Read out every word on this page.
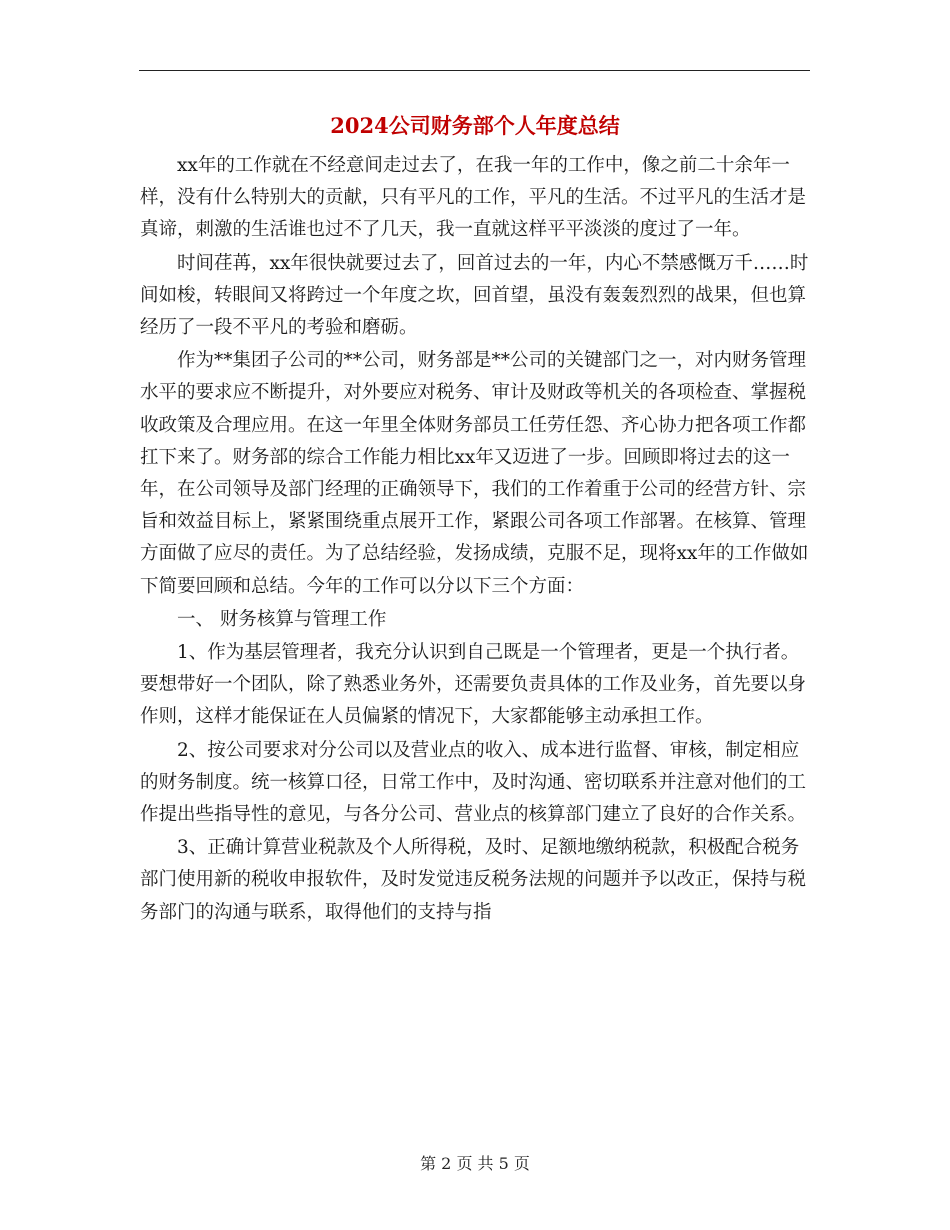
2024公司财务部个人年度总结

xx年的工作就在不经意间走过去了，在我一年的工作中，像之前二十余年一样，没有什么特别大的贡献，只有平凡的工作，平凡的生活。不过平凡的生活才是真谛，刺激的生活谁也过不了几天，我一直就这样平平淡淡的度过了一年。

时间荏苒，xx年很快就要过去了，回首过去的一年，内心不禁感慨万千……时间如梭，转眼间又将跨过一个年度之坎，回首望，虽没有轰轰烈烈的战果，但也算经历了一段不平凡的考验和磨砺。

作为**集团子公司的**公司，财务部是**公司的关键部门之一，对内财务管理水平的要求应不断提升，对外要应对税务、审计及财政等机关的各项检查、掌握税收政策及合理应用。在这一年里全体财务部员工任劳任怨、齐心协力把各项工作都扛下来了。财务部的综合工作能力相比xx年又迈进了一步。回顾即将过去的这一年，在公司领导及部门经理的正确领导下，我们的工作着重于公司的经营方针、宗旨和效益目标上，紧紧围绕重点展开工作，紧跟公司各项工作部署。在核算、管理方面做了应尽的责任。为了总结经验，发扬成绩，克服不足，现将xx年的工作做如下简要回顾和总结。今年的工作可以分以下三个方面：

一、 财务核算与管理工作

1、作为基层管理者，我充分认识到自己既是一个管理者，更是一个执行者。要想带好一个团队，除了熟悉业务外，还需要负责具体的工作及业务，首先要以身作则，这样才能保证在人员偏紧的情况下，大家都能够主动承担工作。

2、按公司要求对分公司以及营业点的收入、成本进行监督、审核，制定相应的财务制度。统一核算口径，日常工作中，及时沟通、密切联系并注意对他们的工作提出些指导性的意见，与各分公司、营业点的核算部门建立了良好的合作关系。

3、正确计算营业税款及个人所得税，及时、足额地缴纳税款，积极配合税务部门使用新的税收申报软件，及时发觉违反税务法规的问题并予以改正，保持与税务部门的沟通与联系，取得他们的支持与指

第 2 页 共 5 页
